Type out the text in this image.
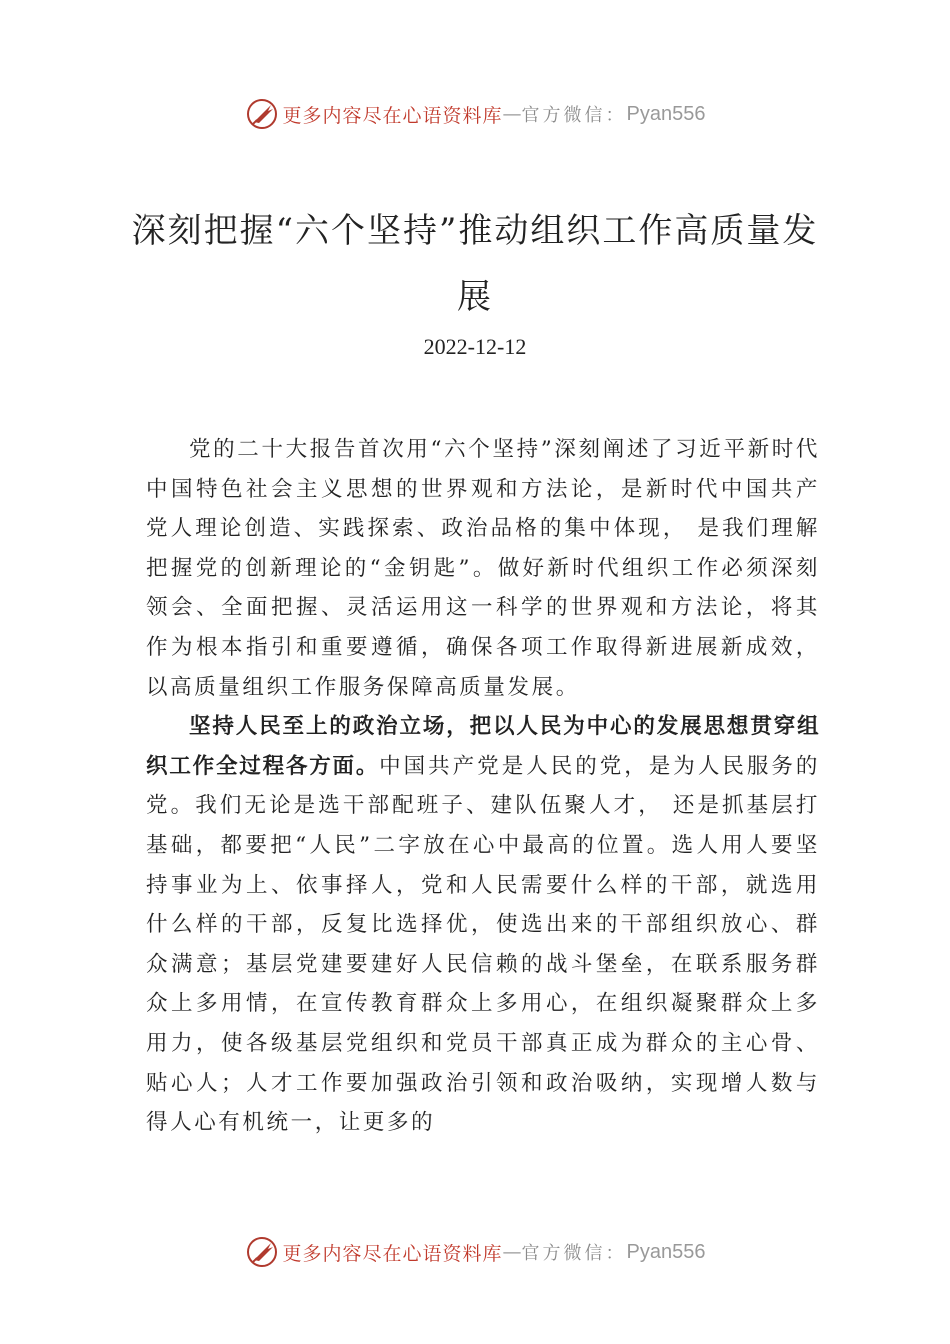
更多内容尽在心语资料库 — 官方微信： Pyan556
深刻把握“六个坚持”推动组织工作高质量发展
2022-12-12

党的二十大报告首次用“六个坚持”深刻阐述了习近平新时代中国特色社会主义思想的世界观和方法论，是新时代中国共产党人理论创造、实践探索、政治品格的集中体现， 是我们理解把握党的创新理论的“金钥匙”。做好新时代组织工作必须深刻领会、全面把握、灵活运用这一科学的世界观和方法论，将其作为根本指引和重要遵循，确保各项工作取得新进展新成效，以高质量组织工作服务保障高质量发展。

坚持人民至上的政治立场，把以人民为中心的发展思想贯穿组织工作全过程各方面。中国共产党是人民的党，是为人民服务的党。我们无论是选干部配班子、建队伍聚人才， 还是抓基层打基础，都要把“人民”二字放在心中最高的位置。选人用人要坚持事业为上、依事择人，党和人民需要什么样的干部，就选用什么样的干部，反复比选择优，使选出来的干部组织放心、群众满意；基层党建要建好人民信赖的战斗堡垒，在联系服务群众上多用情，在宣传教育群众上多用心，在组织凝聚群众上多用力，使各级基层党组织和党员干部真正成为群众的主心骨、贴心人；人才工作要加强政治引领和政治吸纳，实现增人数与得人心有机统一，让更多的

更多内容尽在心语资料库 — 官方微信： Pyan556
